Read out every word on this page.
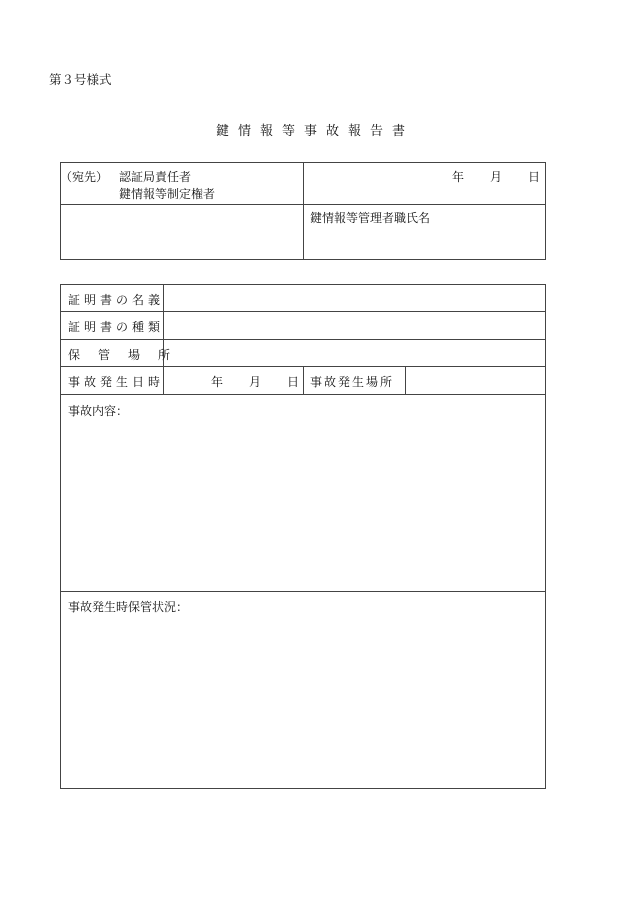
第３号様式
鍵情報等事故報告書
（宛先） 認証局責任者
鍵情報等制定権者
年 月 日
鍵情報等管理者職氏名
証明書の名義
証明書の種類
保管場所
事故発生日時	年 月 日 事故発生場所
事故内容：
事故発生時保管状況：
